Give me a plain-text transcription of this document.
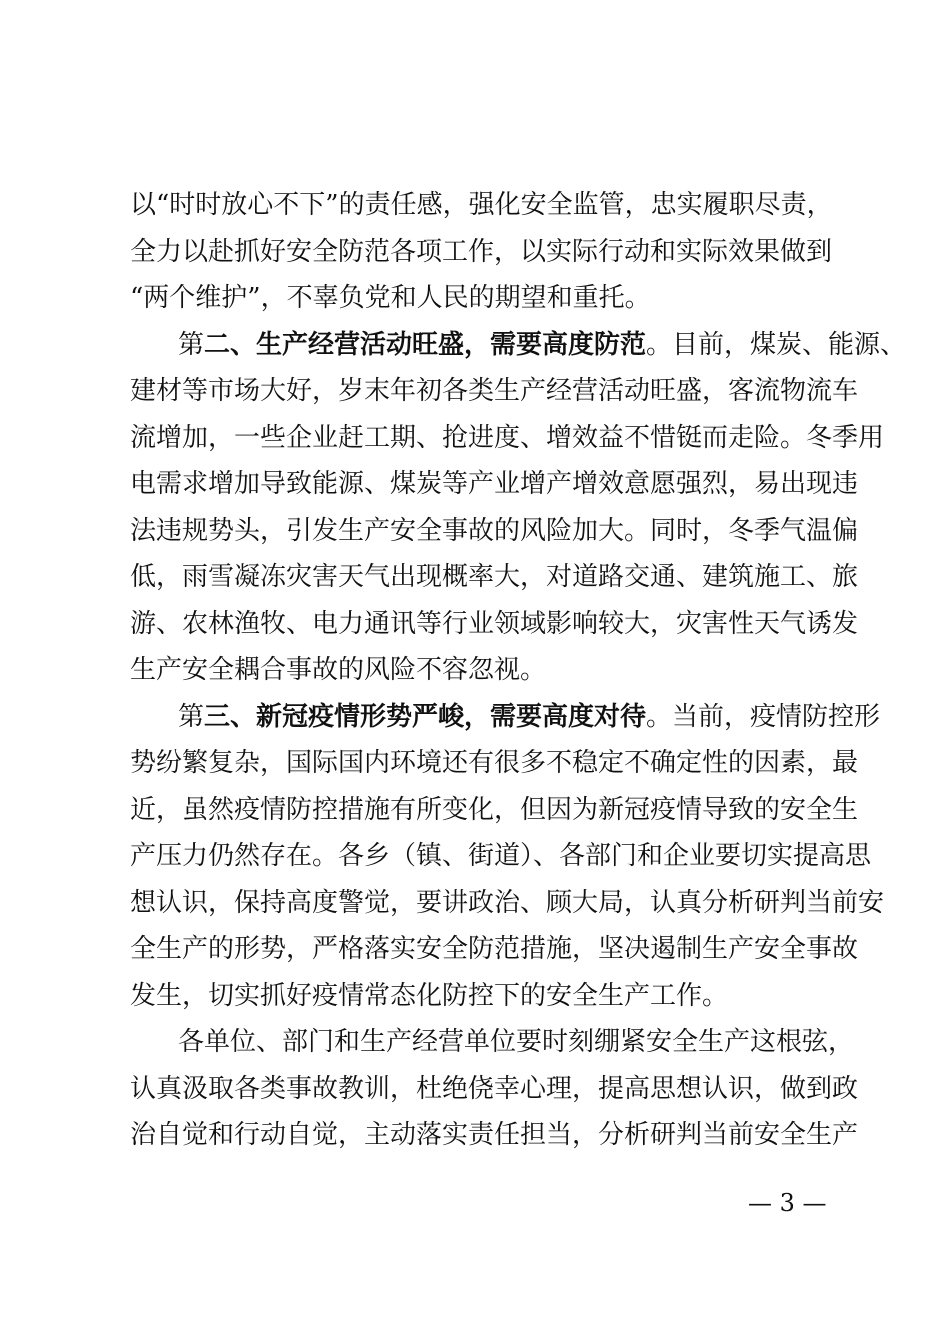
以“时时放心不下”的责任感，强化安全监管，忠实履职尽责，
全力以赴抓好安全防范各项工作，以实际行动和实际效果做到
“两个维护”，不辜负党和人民的期望和重托。
第二、生产经营活动旺盛，需要高度防范。目前，煤炭、能源、
建材等市场大好，岁末年初各类生产经营活动旺盛，客流物流车
流增加，一些企业赶工期、抢进度、增效益不惜铤而走险。冬季用
电需求增加导致能源、煤炭等产业增产增效意愿强烈，易出现违
法违规势头，引发生产安全事故的风险加大。同时，冬季气温偏
低，雨雪凝冻灾害天气出现概率大，对道路交通、建筑施工、旅
游、农林渔牧、电力通讯等行业领域影响较大，灾害性天气诱发
生产安全耦合事故的风险不容忽视。
第三、新冠疫情形势严峻，需要高度对待。当前，疫情防控形
势纷繁复杂，国际国内环境还有很多不稳定不确定性的因素，最
近，虽然疫情防控措施有所变化，但因为新冠疫情导致的安全生
产压力仍然存在。各乡（镇、街道）、各部门和企业要切实提高思
想认识，保持高度警觉，要讲政治、顾大局，认真分析研判当前安
全生产的形势，严格落实安全防范措施，坚决遏制生产安全事故
发生，切实抓好疫情常态化防控下的安全生产工作。
各单位、部门和生产经营单位要时刻绷紧安全生产这根弦，
认真汲取各类事故教训，杜绝侥幸心理，提高思想认识，做到政
治自觉和行动自觉，主动落实责任担当，分析研判当前安全生产
— 3 —
